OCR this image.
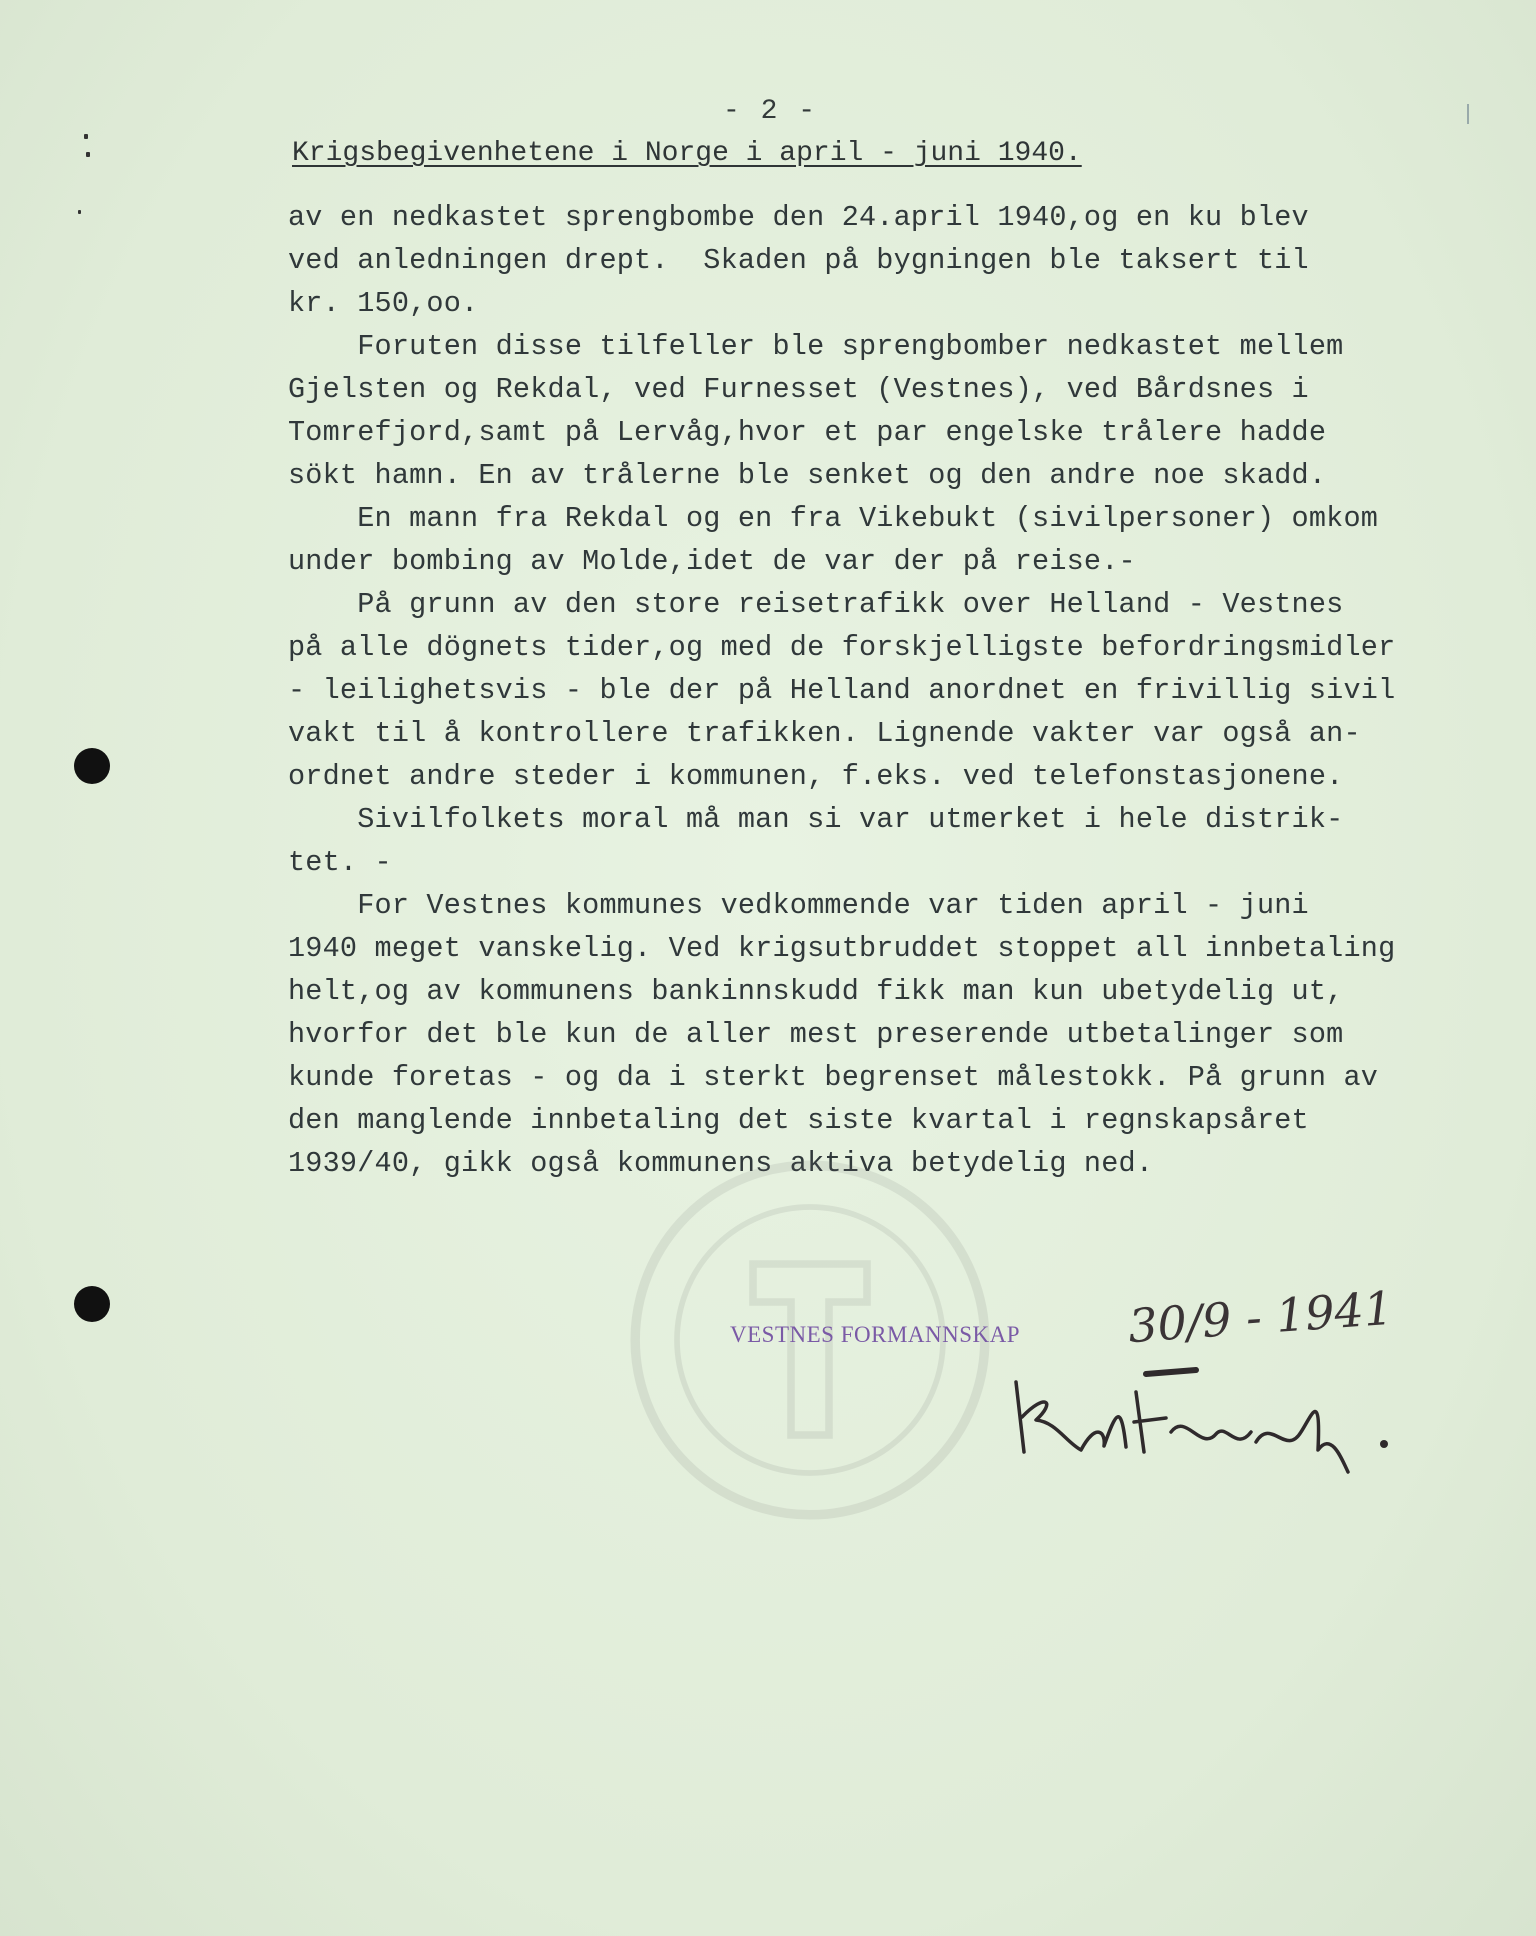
- 2 -
Krigsbegivenhetene i Norge i april - juni 1940.
av en nedkastet sprengbombe den 24.april 1940,og en ku blev
ved anledningen drept.  Skaden på bygningen ble taksert til
kr. 150,oo.
Foruten disse tilfeller ble sprengbomber nedkastet mellem
Gjelsten og Rekdal, ved Furnesset (Vestnes), ved Bårdsnes i
Tomrefjord,samt på Lervåg,hvor et par engelske trålere hadde
sökt hamn. En av trålerne ble senket og den andre noe skadd.
En mann fra Rekdal og en fra Vikebukt (sivilpersoner) omkom
under bombing av Molde,idet de var der på reise.-
På grunn av den store reisetrafikk over Helland - Vestnes
på alle dögnets tider,og med de forskjelligste befordringsmidler
- leilighetsvis - ble der på Helland anordnet en frivillig sivil
vakt til å kontrollere trafikken. Lignende vakter var også an-
ordnet andre steder i kommunen, f.eks. ved telefonstasjonene.
Sivilfolkets moral må man si var utmerket i hele distrik-
tet. -
For Vestnes kommunes vedkommende var tiden april - juni
1940 meget vanskelig. Ved krigsutbruddet stoppet all innbetaling
helt,og av kommunens bankinnskudd fikk man kun ubetydelig ut,
hvorfor det ble kun de aller mest preserende utbetalinger som
kunde foretas - og da i sterkt begrenset målestokk. På grunn av
den manglende innbetaling det siste kvartal i regnskapsåret
1939/40, gikk også kommunens aktiva betydelig ned.
VESTNES FORMANNSKAP 30/9 - 1941
